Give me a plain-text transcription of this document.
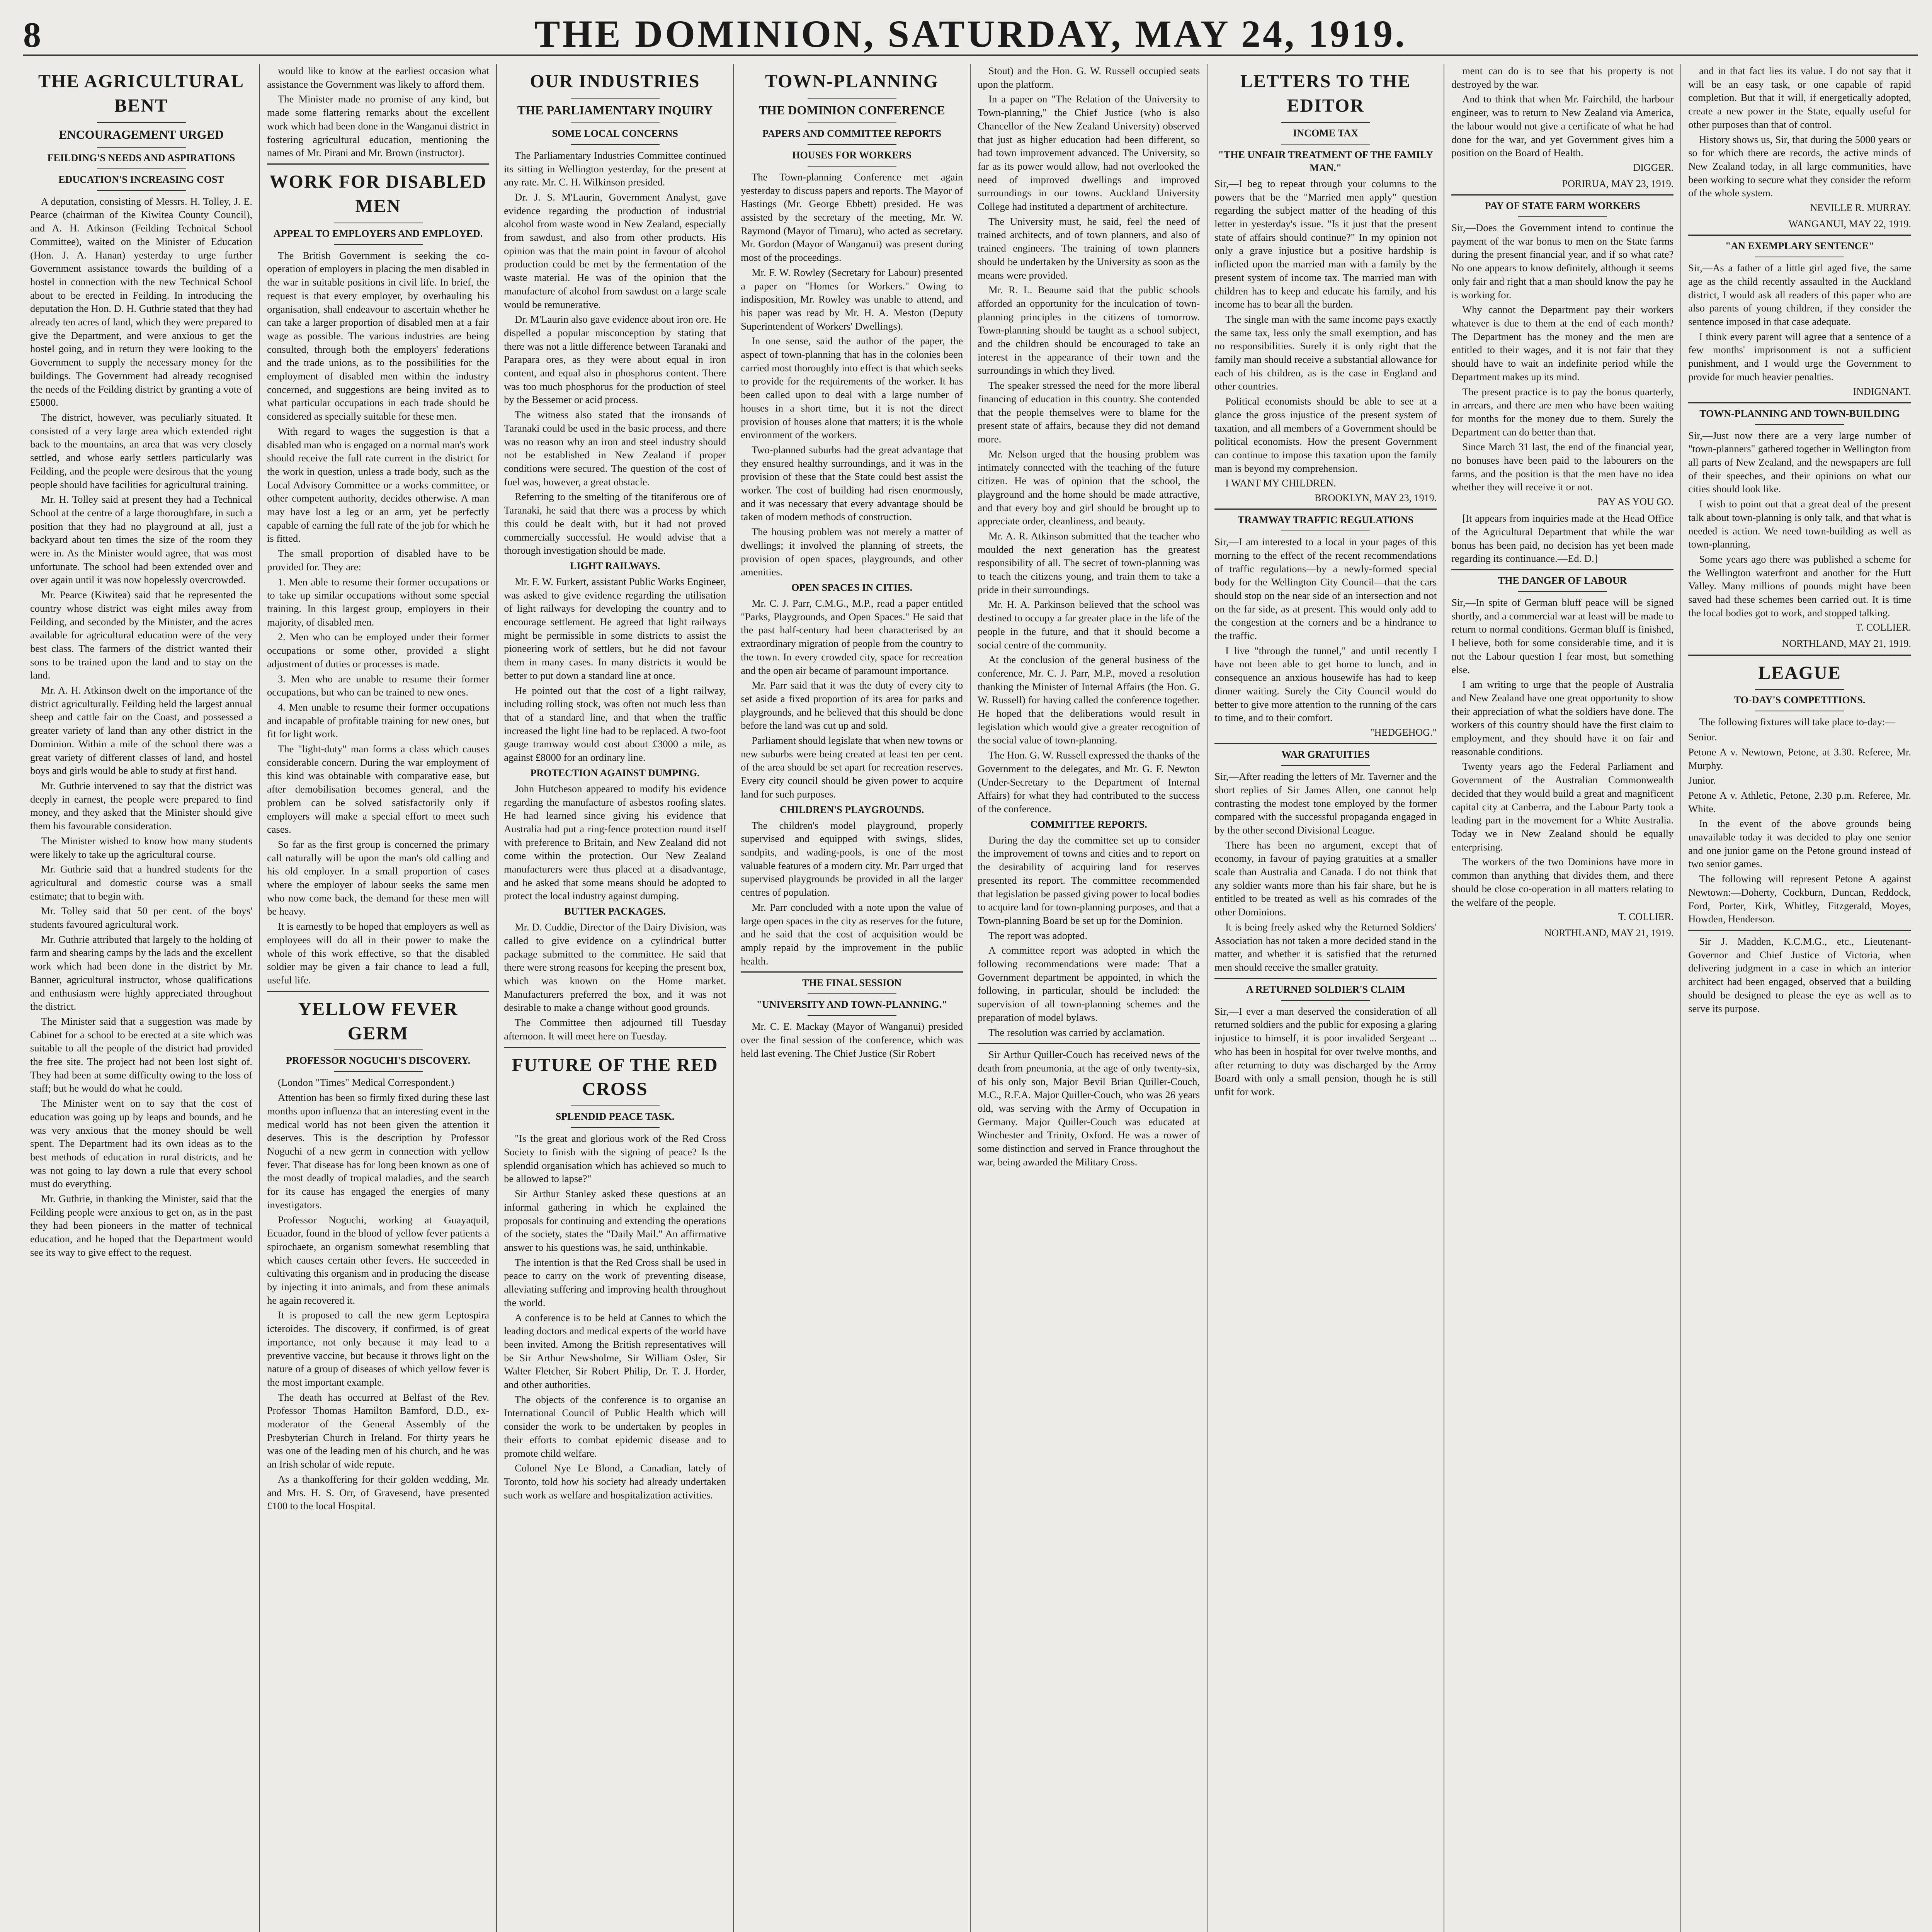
8	THE DOMINION, SATURDAY, MAY 24, 1919.
THE AGRICULTURAL BENT
ENCOURAGEMENT URGED
FEILDING'S NEEDS AND ASPIRATIONS
EDUCATION'S INCREASING COST

A deputation, consisting of Messrs. H. Tolley, J. E. Pearce (chairman of the Kiwitea County Council), and A. H. Atkinson (Feilding Technical School Committee), waited on the Minister of Education (Hon. J. A. Hanan) yesterday to urge further Government assistance towards the building of a hostel in connection with the new Technical School about to be erected in Feilding. In introducing the deputation the Hon. D. H. Guthrie stated that they had already ten acres of land, which they were prepared to give the Department, and were anxious to get the hostel going, and in return they were looking to the Government to supply the necessary money for the buildings. The Government had already recognised the needs of the Feilding district by granting a vote of £5000.

The district, however, was peculiarly situated. It consisted of a very large area which extended right back to the mountains, an area that was very closely settled, and whose early settlers particularly was Feilding, and the people were desirous that the young people should have facilities for agricultural training.

Mr. H. Tolley said at present they had a Technical School at the centre of a large thoroughfare, in such a position that they had no playground at all, just a backyard about ten times the size of the room they were in. As the Minister would agree, that was most unfortunate. The school had been extended over and over again until it was now hopelessly overcrowded.

Mr. Pearce (Kiwitea) said that he represented the country whose district was eight miles away from Feilding, and seconded by the Minister, and the acres available for agricultural education were of the very best class. The farmers of the district wanted their sons to be trained upon the land and to stay on the land.

Mr. A. H. Atkinson dwelt on the importance of the district agriculturally. Feilding held the largest annual sheep and cattle fair on the Coast, and possessed a greater variety of land than any other district in the Dominion. Within a mile of the school there was a great variety of different classes of land, and hostel boys and girls would be able to study at first hand.

Mr. Guthrie intervened to say that the district was deeply in earnest, the people were prepared to find money, and they asked that the Minister should give them his favourable consideration.

The Minister wished to know how many students were likely to take up the agricultural course.

Mr. Guthrie said that a hundred students for the agricultural and domestic course was a small estimate; that to begin with.

Mr. Tolley said that 50 per cent. of the boys' students favoured agricultural work.

Mr. Guthrie attributed that largely to the holding of farm and shearing camps by the lads and the excellent work which had been done in the district by Mr. Banner, agricultural instructor, whose qualifications and enthusiasm were highly appreciated throughout the district.

The Minister said that a suggestion was made by Cabinet for a school to be erected at a site which was suitable to all the people of the district had provided the free site. The project had not been lost sight of. They had been at some difficulty owing to the loss of staff; but he would do what he could.

The Minister went on to say that the cost of education was going up by leaps and bounds, and he was very anxious that the money should be well spent. The Department had its own ideas as to the best methods of education in rural districts, and he was not going to lay down a rule that every school must do everything.

Mr. Guthrie, in thanking the Minister, said that the Feilding people were anxious to get on, as in the past they had been pioneers in the matter of technical education, and he hoped that the Department would see its way to give effect to the request.

would like to know at the earliest occasion what assistance the Government was likely to afford them.

The Minister made no promise of any kind, but made some flattering remarks about the excellent work which had been done in the Wanganui district in fostering agricultural education, mentioning the names of Mr. Pirani and Mr. Brown (instructor).

WORK FOR DISABLED MEN
APPEAL TO EMPLOYERS AND EMPLOYED.

The British Government is seeking the co-operation of employers in placing the men disabled in the war in suitable positions in civil life. In brief, the request is that every employer, by overhauling his organisation, shall endeavour to ascertain whether he can take a larger proportion of disabled men at a fair wage as possible. The various industries are being consulted, through both the employers' federations and the trade unions, as to the possibilities for the employment of disabled men within the industry concerned, and suggestions are being invited as to what particular occupations in each trade should be considered as specially suitable for these men.

With regard to wages the suggestion is that a disabled man who is engaged on a normal man's work should receive the full rate current in the district for the work in question, unless a trade body, such as the Local Advisory Committee or a works committee, or other competent authority, decides otherwise. A man may have lost a leg or an arm, yet be perfectly capable of earning the full rate of the job for which he is fitted.

The small proportion of disabled have to be provided for. They are:

1. Men able to resume their former occupations or to take up similar occupations without some special training. In this largest group, employers in their majority, of disabled men.

2. Men who can be employed under their former occupations or some other, provided a slight adjustment of duties or processes is made.

3. Men who are unable to resume their former occupations, but who can be trained to new ones.

4. Men unable to resume their former occupations and incapable of profitable training for new ones, but fit for light work.

The "light-duty" man forms a class which causes considerable concern. During the war employment of this kind was obtainable with comparative ease, but after demobilisation becomes general, and the problem can be solved satisfactorily only if employers will make a special effort to meet such cases.

So far as the first group is concerned the primary call naturally will be upon the man's old calling and his old employer. In a small proportion of cases where the employer of labour seeks the same men who now come back, the demand for these men will be heavy.

It is earnestly to be hoped that employers as well as employees will do all in their power to make the whole of this work effective, so that the disabled soldier may be given a fair chance to lead a full, useful life.

YELLOW FEVER GERM
PROFESSOR NOGUCHI'S DISCOVERY.

(London "Times" Medical Correspondent.)

Attention has been so firmly fixed during these last months upon influenza that an interesting event in the medical world has not been given the attention it deserves. This is the description by Professor Noguchi of a new germ in connection with yellow fever. That disease has for long been known as one of the most deadly of tropical maladies, and the search for its cause has engaged the energies of many investigators.

Professor Noguchi, working at Guayaquil, Ecuador, found in the blood of yellow fever patients a spirochaete, an organism somewhat resembling that which causes certain other fevers. He succeeded in cultivating this organism and in producing the disease by injecting it into animals, and from these animals he again recovered it.

It is proposed to call the new germ Leptospira icteroides. The discovery, if confirmed, is of great importance, not only because it may lead to a preventive vaccine, but because it throws light on the nature of a group of diseases of which yellow fever is the most important example.

The death has occurred at Belfast of the Rev. Professor Thomas Hamilton Bamford, D.D., ex-moderator of the General Assembly of the Presbyterian Church in Ireland. For thirty years he was one of the leading men of his church, and he was an Irish scholar of wide repute.

As a thankoffering for their golden wedding, Mr. and Mrs. H. S. Orr, of Gravesend, have presented £100 to the local Hospital.

OUR INDUSTRIES
THE PARLIAMENTARY INQUIRY
SOME LOCAL CONCERNS

The Parliamentary Industries Committee continued its sitting in Wellington yesterday, for the present at any rate. Mr. C. H. Wilkinson presided.

Dr. J. S. M'Laurin, Government Analyst, gave evidence regarding the production of industrial alcohol from waste wood in New Zealand, especially from sawdust, and also from other products. His opinion was that the main point in favour of alcohol production could be met by the fermentation of the waste material. He was of the opinion that the manufacture of alcohol from sawdust on a large scale would be remunerative.

Dr. M'Laurin also gave evidence about iron ore. He dispelled a popular misconception by stating that there was not a little difference between Taranaki and Parapara ores, as they were about equal in iron content, and equal also in phosphorus content. There was too much phosphorus for the production of steel by the Bessemer or acid process.

The witness also stated that the ironsands of Taranaki could be used in the basic process, and there was no reason why an iron and steel industry should not be established in New Zealand if proper conditions were secured. The question of the cost of fuel was, however, a great obstacle.

Referring to the smelting of the titaniferous ore of Taranaki, he said that there was a process by which this could be dealt with, but it had not proved commercially successful. He would advise that a thorough investigation should be made.

LIGHT RAILWAYS.

Mr. F. W. Furkert, assistant Public Works Engineer, was asked to give evidence regarding the utilisation of light railways for developing the country and to encourage settlement. He agreed that light railways might be permissible in some districts to assist the pioneering work of settlers, but he did not favour them in many cases. In many districts it would be better to put down a standard line at once.

He pointed out that the cost of a light railway, including rolling stock, was often not much less than that of a standard line, and that when the traffic increased the light line had to be replaced. A two-foot gauge tramway would cost about £3000 a mile, as against £8000 for an ordinary line.

PROTECTION AGAINST DUMPING.

John Hutcheson appeared to modify his evidence regarding the manufacture of asbestos roofing slates. He had learned since giving his evidence that Australia had put a ring-fence protection round itself with preference to Britain, and New Zealand did not come within the protection. Our New Zealand manufacturers were thus placed at a disadvantage, and he asked that some means should be adopted to protect the local industry against dumping.

BUTTER PACKAGES.

Mr. D. Cuddie, Director of the Dairy Division, was called to give evidence on a cylindrical butter package submitted to the committee. He said that there were strong reasons for keeping the present box, which was known on the Home market. Manufacturers preferred the box, and it was not desirable to make a change without good grounds.

The Committee then adjourned till Tuesday afternoon. It will meet here on Tuesday.

FUTURE OF THE RED CROSS
SPLENDID PEACE TASK.

"Is the great and glorious work of the Red Cross Society to finish with the signing of peace? Is the splendid organisation which has achieved so much to be allowed to lapse?"

Sir Arthur Stanley asked these questions at an informal gathering in which he explained the proposals for continuing and extending the operations of the society, states the "Daily Mail." An affirmative answer to his questions was, he said, unthinkable.

The intention is that the Red Cross shall be used in peace to carry on the work of preventing disease, alleviating suffering and improving health throughout the world.

A conference is to be held at Cannes to which the leading doctors and medical experts of the world have been invited. Among the British representatives will be Sir Arthur Newsholme, Sir William Osler, Sir Walter Fletcher, Sir Robert Philip, Dr. T. J. Horder, and other authorities.

The objects of the conference is to organise an International Council of Public Health which will consider the work to be undertaken by peoples in their efforts to combat epidemic disease and to promote child welfare.

Colonel Nye Le Blond, a Canadian, lately of Toronto, told how his society had already undertaken such work as welfare and hospitalization activities.

TOWN-PLANNING
THE DOMINION CONFERENCE
PAPERS AND COMMITTEE REPORTS
HOUSES FOR WORKERS

The Town-planning Conference met again yesterday to discuss papers and reports. The Mayor of Hastings (Mr. George Ebbett) presided. He was assisted by the secretary of the meeting, Mr. W. Raymond (Mayor of Timaru), who acted as secretary. Mr. Gordon (Mayor of Wanganui) was present during most of the proceedings.

Mr. F. W. Rowley (Secretary for Labour) presented a paper on "Homes for Workers." Owing to indisposition, Mr. Rowley was unable to attend, and his paper was read by Mr. H. A. Meston (Deputy Superintendent of Workers' Dwellings).

In one sense, said the author of the paper, the aspect of town-planning that has in the colonies been carried most thoroughly into effect is that which seeks to provide for the requirements of the worker. It has been called upon to deal with a large number of houses in a short time, but it is not the direct provision of houses alone that matters; it is the whole environment of the workers.

Two-planned suburbs had the great advantage that they ensured healthy surroundings, and it was in the provision of these that the State could best assist the worker. The cost of building had risen enormously, and it was necessary that every advantage should be taken of modern methods of construction.

The housing problem was not merely a matter of dwellings; it involved the planning of streets, the provision of open spaces, playgrounds, and other amenities.

OPEN SPACES IN CITIES.

Mr. C. J. Parr, C.M.G., M.P., read a paper entitled "Parks, Playgrounds, and Open Spaces." He said that the past half-century had been characterised by an extraordinary migration of people from the country to the town. In every crowded city, space for recreation and the open air became of paramount importance.

Mr. Parr said that it was the duty of every city to set aside a fixed proportion of its area for parks and playgrounds, and he believed that this should be done before the land was cut up and sold.

Parliament should legislate that when new towns or new suburbs were being created at least ten per cent. of the area should be set apart for recreation reserves. Every city council should be given power to acquire land for such purposes.

CHILDREN'S PLAYGROUNDS.

The children's model playground, properly supervised and equipped with swings, slides, sandpits, and wading-pools, is one of the most valuable features of a modern city. Mr. Parr urged that supervised playgrounds be provided in all the larger centres of population.

Mr. Parr concluded with a note upon the value of large open spaces in the city as reserves for the future, and he said that the cost of acquisition would be amply repaid by the improvement in the public health.

THE FINAL SESSION
"UNIVERSITY AND TOWN-PLANNING."

Mr. C. E. Mackay (Mayor of Wanganui) presided over the final session of the conference, which was held last evening. The Chief Justice (Sir Robert

Stout) and the Hon. G. W. Russell occupied seats upon the platform.

In a paper on "The Relation of the University to Town-planning," the Chief Justice (who is also Chancellor of the New Zealand University) observed that just as higher education had been different, so had town improvement advanced. The University, so far as its power would allow, had not overlooked the need of improved dwellings and improved surroundings in our towns. Auckland University College had instituted a department of architecture.

The University must, he said, feel the need of trained architects, and of town planners, and also of trained engineers. The training of town planners should be undertaken by the University as soon as the means were provided.

Mr. R. L. Beaume said that the public schools afforded an opportunity for the inculcation of town-planning principles in the citizens of tomorrow. Town-planning should be taught as a school subject, and the children should be encouraged to take an interest in the appearance of their town and the surroundings in which they lived.

The speaker stressed the need for the more liberal financing of education in this country. She contended that the people themselves were to blame for the present state of affairs, because they did not demand more.

Mr. Nelson urged that the housing problem was intimately connected with the teaching of the future citizen. He was of opinion that the school, the playground and the home should be made attractive, and that every boy and girl should be brought up to appreciate order, cleanliness, and beauty.

Mr. A. R. Atkinson submitted that the teacher who moulded the next generation has the greatest responsibility of all. The secret of town-planning was to teach the citizens young, and train them to take a pride in their surroundings.

Mr. H. A. Parkinson believed that the school was destined to occupy a far greater place in the life of the people in the future, and that it should become a social centre of the community.

At the conclusion of the general business of the conference, Mr. C. J. Parr, M.P., moved a resolution thanking the Minister of Internal Affairs (the Hon. G. W. Russell) for having called the conference together. He hoped that the deliberations would result in legislation which would give a greater recognition of the social value of town-planning.

The Hon. G. W. Russell expressed the thanks of the Government to the delegates, and Mr. G. F. Newton (Under-Secretary to the Department of Internal Affairs) for what they had contributed to the success of the conference.

COMMITTEE REPORTS.

During the day the committee set up to consider the improvement of towns and cities and to report on the desirability of acquiring land for reserves presented its report. The committee recommended that legislation be passed giving power to local bodies to acquire land for town-planning purposes, and that a Town-planning Board be set up for the Dominion.

The report was adopted.

A committee report was adopted in which the following recommendations were made: That a Government department be appointed, in which the following, in particular, should be included: the supervision of all town-planning schemes and the preparation of model bylaws.

The resolution was carried by acclamation.

Sir Arthur Quiller-Couch has received news of the death from pneumonia, at the age of only twenty-six, of his only son, Major Bevil Brian Quiller-Couch, M.C., R.F.A. Major Quiller-Couch, who was 26 years old, was serving with the Army of Occupation in Germany. Major Quiller-Couch was educated at Winchester and Trinity, Oxford. He was a rower of some distinction and served in France throughout the war, being awarded the Military Cross.

LETTERS TO THE EDITOR
INCOME TAX
"THE UNFAIR TREATMENT OF THE FAMILY MAN."

Sir,—I beg to repeat through your columns to the powers that be the "Married men apply" question regarding the subject matter of the heading of this letter in yesterday's issue. "Is it just that the present state of affairs should continue?" In my opinion not only a grave injustice but a positive hardship is inflicted upon the married man with a family by the present system of income tax. The married man with children has to keep and educate his family, and his income has to bear all the burden.

The single man with the same income pays exactly the same tax, less only the small exemption, and has no responsibilities. Surely it is only right that the family man should receive a substantial allowance for each of his children, as is the case in England and other countries.

Political economists should be able to see at a glance the gross injustice of the present system of taxation, and all members of a Government should be political economists. How the present Government can continue to impose this taxation upon the family man is beyond my comprehension.

I WANT MY CHILDREN.

BROOKLYN, MAY 23, 1919.
TRAMWAY TRAFFIC REGULATIONS

Sir,—I am interested to a local in your pages of this morning to the effect of the recent recommendations of traffic regulations—by a newly-formed special body for the Wellington City Council—that the cars should stop on the near side of an intersection and not on the far side, as at present. This would only add to the congestion at the corners and be a hindrance to the traffic.

I live "through the tunnel," and until recently I have not been able to get home to lunch, and in consequence an anxious housewife has had to keep dinner waiting. Surely the City Council would do better to give more attention to the running of the cars to time, and to their comfort.

"HEDGEHOG."
WAR GRATUITIES

Sir,—After reading the letters of Mr. Taverner and the short replies of Sir James Allen, one cannot help contrasting the modest tone employed by the former compared with the successful propaganda engaged in by the other second Divisional League.

There has been no argument, except that of economy, in favour of paying gratuities at a smaller scale than Australia and Canada. I do not think that any soldier wants more than his fair share, but he is entitled to be treated as well as his comrades of the other Dominions.

It is being freely asked why the Returned Soldiers' Association has not taken a more decided stand in the matter, and whether it is satisfied that the returned men should receive the smaller gratuity.

A RETURNED SOLDIER'S CLAIM

Sir,—I ever a man deserved the consideration of all returned soldiers and the public for exposing a glaring injustice to himself, it is poor invalided Sergeant ... who has been in hospital for over twelve months, and after returning to duty was discharged by the Army Board with only a small pension, though he is still unfit for work.

ment can do is to see that his property is not destroyed by the war.

And to think that when Mr. Fairchild, the harbour engineer, was to return to New Zealand via America, the labour would not give a certificate of what he had done for the war, and yet Government gives him a position on the Board of Health.

DIGGER.
PORIRUA, MAY 23, 1919.
PAY OF STATE FARM WORKERS

Sir,—Does the Government intend to continue the payment of the war bonus to men on the State farms during the present financial year, and if so what rate? No one appears to know definitely, although it seems only fair and right that a man should know the pay he is working for.

Why cannot the Department pay their workers whatever is due to them at the end of each month? The Department has the money and the men are entitled to their wages, and it is not fair that they should have to wait an indefinite period while the Department makes up its mind.

The present practice is to pay the bonus quarterly, in arrears, and there are men who have been waiting for months for the money due to them. Surely the Department can do better than that.

Since March 31 last, the end of the financial year, no bonuses have been paid to the labourers on the farms, and the position is that the men have no idea whether they will receive it or not.

PAY AS YOU GO.

[It appears from inquiries made at the Head Office of the Agricultural Department that while the war bonus has been paid, no decision has yet been made regarding its continuance.—Ed. D.]

THE DANGER OF LABOUR

Sir,—In spite of German bluff peace will be signed shortly, and a commercial war at least will be made to return to normal conditions. German bluff is finished, I believe, both for some considerable time, and it is not the Labour question I fear most, but something else.

I am writing to urge that the people of Australia and New Zealand have one great opportunity to show their appreciation of what the soldiers have done. The workers of this country should have the first claim to employment, and they should have it on fair and reasonable conditions.

Twenty years ago the Federal Parliament and Government of the Australian Commonwealth decided that they would build a great and magnificent capital city at Canberra, and the Labour Party took a leading part in the movement for a White Australia. Today we in New Zealand should be equally enterprising.

The workers of the two Dominions have more in common than anything that divides them, and there should be close co-operation in all matters relating to the welfare of the people.

T. COLLIER.
NORTHLAND, MAY 21, 1919.

and in that fact lies its value. I do not say that it will be an easy task, or one capable of rapid completion. But that it will, if energetically adopted, create a new power in the State, equally useful for other purposes than that of control.

History shows us, Sir, that during the 5000 years or so for which there are records, the active minds of New Zealand today, in all large communities, have been working to secure what they consider the reform of the whole system.

NEVILLE R. MURRAY.
WANGANUI, MAY 22, 1919.
"AN EXEMPLARY SENTENCE"

Sir,—As a father of a little girl aged five, the same age as the child recently assaulted in the Auckland district, I would ask all readers of this paper who are also parents of young children, if they consider the sentence imposed in that case adequate.

I think every parent will agree that a sentence of a few months' imprisonment is not a sufficient punishment, and I would urge the Government to provide for much heavier penalties.

INDIGNANT.
TOWN-PLANNING AND TOWN-BUILDING

Sir,—Just now there are a very large number of "town-planners" gathered together in Wellington from all parts of New Zealand, and the newspapers are full of their speeches, and their opinions on what our cities should look like.

I wish to point out that a great deal of the present talk about town-planning is only talk, and that what is needed is action. We need town-building as well as town-planning.

Some years ago there was published a scheme for the Wellington waterfront and another for the Hutt Valley. Many millions of pounds might have been saved had these schemes been carried out. It is time the local bodies got to work, and stopped talking.

T. COLLIER.
NORTHLAND, MAY 21, 1919.
LEAGUE
TO-DAY'S COMPETITIONS.

The following fixtures will take place to-day:—

Senior.

Petone A v. Newtown, Petone, at 3.30. Referee, Mr. Murphy.

Junior.

Petone A v. Athletic, Petone, 2.30 p.m. Referee, Mr. White.

In the event of the above grounds being unavailable today it was decided to play one senior and one junior game on the Petone ground instead of two senior games.

The following will represent Petone A against Newtown:—Doherty, Cockburn, Duncan, Reddock, Ford, Porter, Kirk, Whitley, Fitzgerald, Moyes, Howden, Henderson.

Sir J. Madden, K.C.M.G., etc., Lieutenant-Governor and Chief Justice of Victoria, when delivering judgment in a case in which an interior architect had been engaged, observed that a building should be designed to please the eye as well as to serve its purpose.
